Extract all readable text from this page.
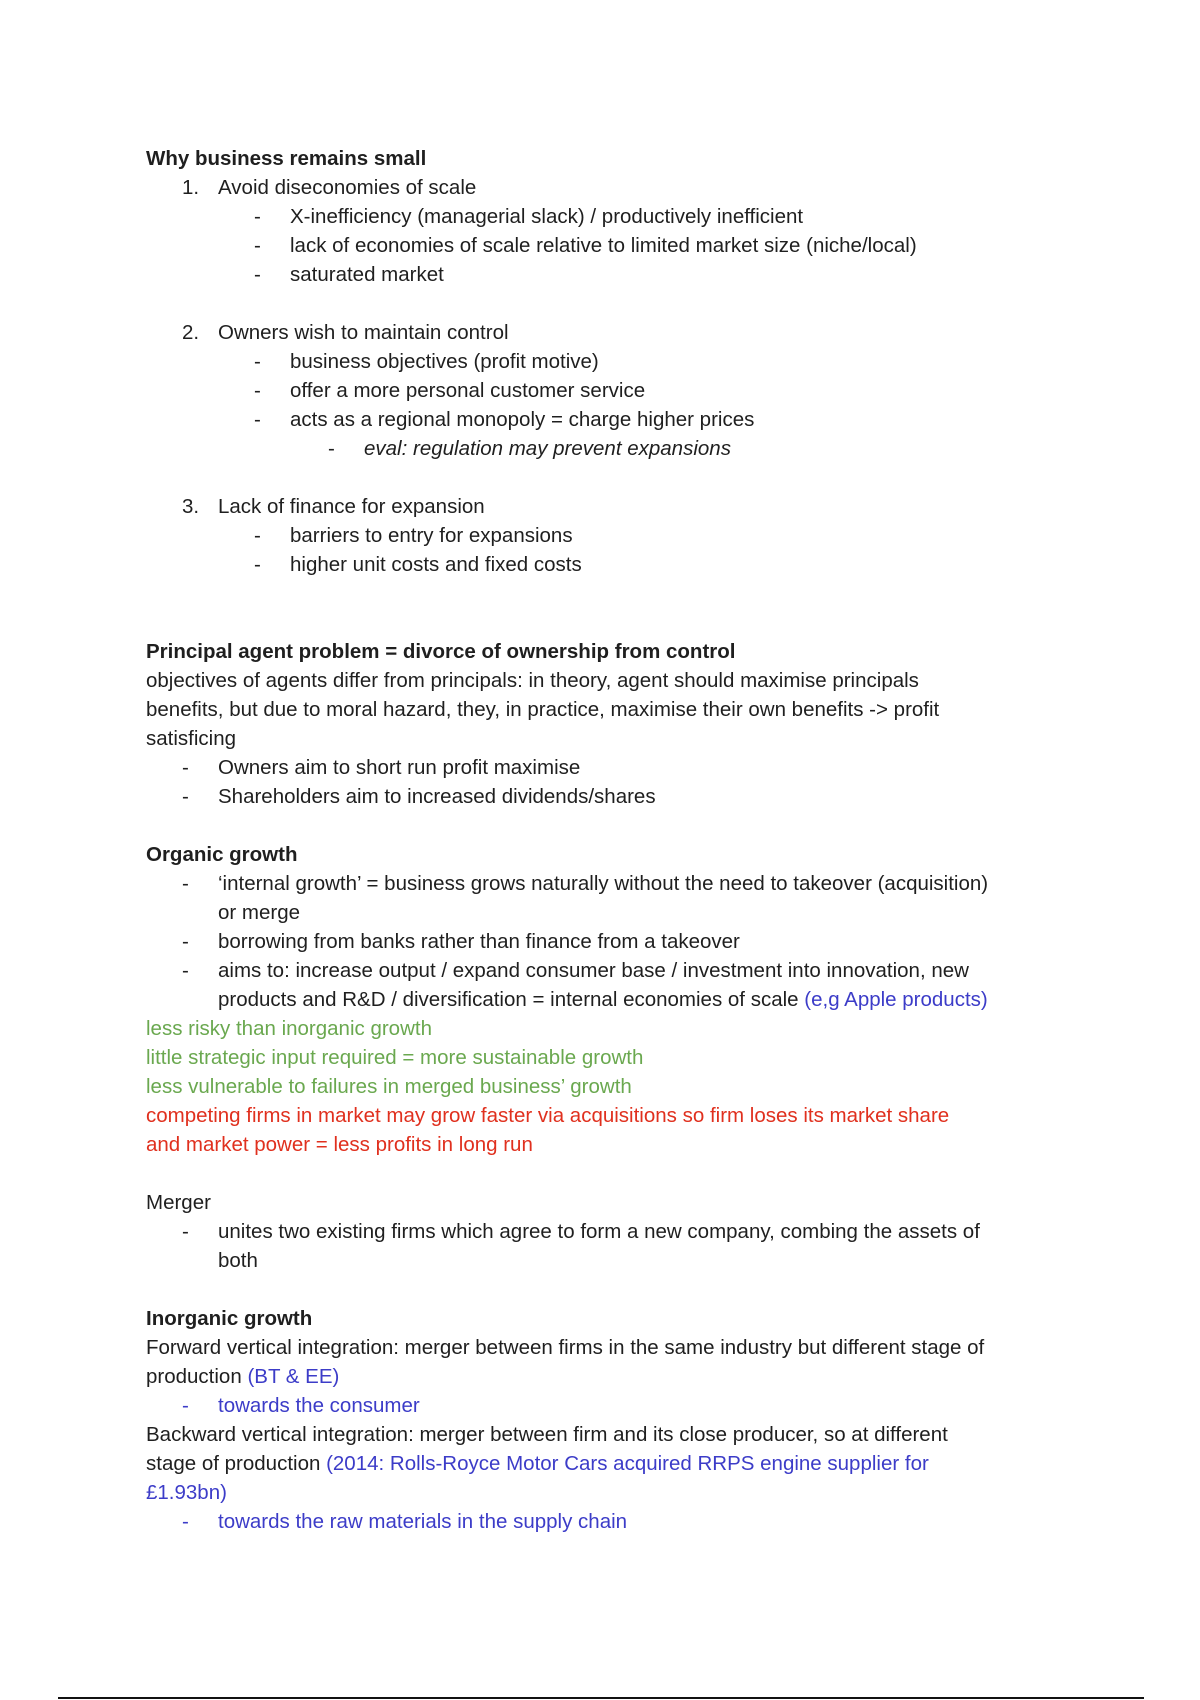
Why business remains small
1. Avoid diseconomies of scale
-	X-inefficiency (managerial slack) / productively inefficient
-	lack of economies of scale relative to limited market size (niche/local)
-	saturated market
2. Owners wish to maintain control
-	business objectives (profit motive)
-	offer a more personal customer service
-	acts as a regional monopoly = charge higher prices
-	eval: regulation may prevent expansions
3. Lack of finance for expansion
-	barriers to entry for expansions
-	higher unit costs and fixed costs
Principal agent problem = divorce of ownership from control
objectives of agents differ from principals: in theory, agent should maximise principals
benefits, but due to moral hazard, they, in practice, maximise their own benefits -> profit
satisficing
-	Owners aim to short run profit maximise
-	Shareholders aim to increased dividends/shares
Organic growth
-	‘internal growth’ = business grows naturally without the need to takeover (acquisition)
or merge
-	borrowing from banks rather than finance from a takeover
-	aims to: increase output / expand consumer base / investment into innovation, new
products and R&D / diversification = internal economies of scale (e,g Apple products)
less risky than inorganic growth
little strategic input required = more sustainable growth
less vulnerable to failures in merged business’ growth
competing firms in market may grow faster via acquisitions so firm loses its market share
and market power = less profits in long run
Merger
-	unites two existing firms which agree to form a new company, combing the assets of
both
Inorganic growth
Forward vertical integration: merger between firms in the same industry but different stage of
production (BT & EE)
-	towards the consumer
Backward vertical integration: merger between firm and its close producer, so at different
stage of production (2014: Rolls-Royce Motor Cars acquired RRPS engine supplier for
£1.93bn)
-	towards the raw materials in the supply chain
